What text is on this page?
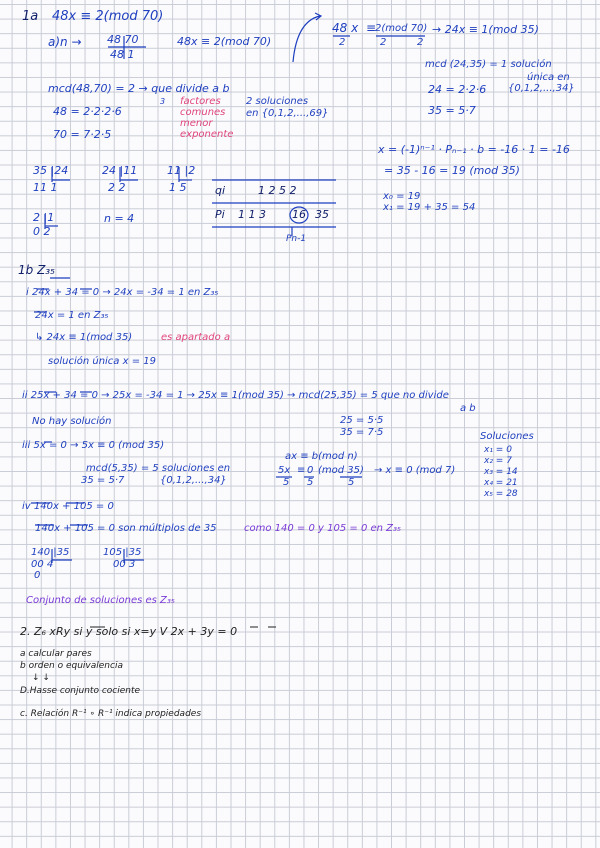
1a 48x ≡ 2(mod 70)
a)n → 48 70
48 1
48x ≡ 2(mod 70)
48 x ≡
2(mod 70)
2	2	2
→ 24x ≡ 1(mod 35)
mcd(48,70) = 2 → que divide a b
48 = 2·2·2·6
3
70 = 7·2·5
factores
comunes
menor
exponente
2 soluciones
en {0,1,2,...,69}
mcd (24,35) = 1 solución
única en
{0,1,2,...,34}
24 = 2·2·6
35 = 5·7
x = (-1)ⁿ⁻¹ · Pₙ₋₁ · b = -16 · 1 = -16
= 35 - 16 = 19 (mod 35)
x₀ = 19
x₁ = 19 + 35 = 54
35 |24
11 1
24 |11
2 2
11 |2
1 5
2 |1
0 2
n = 4
qi	1 2 5 2
Pi 1 1 3 16 35
Pn-1
1b Z₃₅
i 24x + 34 = 0 → 24x = -34 = 1 en Z₃₅
24x = 1 en Z₃₅
↳ 24x ≡ 1(mod 35)	es apartado a
solución única x = 19
ii 25x + 34 = 0 → 25x = -34 = 1 → 25x ≡ 1(mod 35) → mcd(25,35) = 5 que no divide
a b
No hay solución	25 = 5·5
35 = 7·5
iii 5x = 0 → 5x ≡ 0 (mod 35)
mcd(5,35) = 5 soluciones en
35 = 5·7	{0,1,2,...,34}
ax ≡ b(mod n)
5x ≡ 0 (mod 35)
5 5	5
→ x ≡ 0 (mod 7)
Soluciones
x₁ = 0
x₂ = 7
x₃ = 14
x₄ = 21
x₅ = 28
iv 140x + 105 = 0
140x + 105 = 0 son múltiplos de 35	como 140 = 0 y 105 = 0 en Z₃₅
140 |35
00 4
0
105 |35
00 3
Conjunto de soluciones es Z₃₅
2. Z₆ xRy si y solo si x=y V 2x + 3y = 0
a calcular pares
b orden o equivalencia
↓ ↓
D.Hasse conjunto cociente
c. Relación R⁻¹ ∘ R⁻¹ indica propiedades
